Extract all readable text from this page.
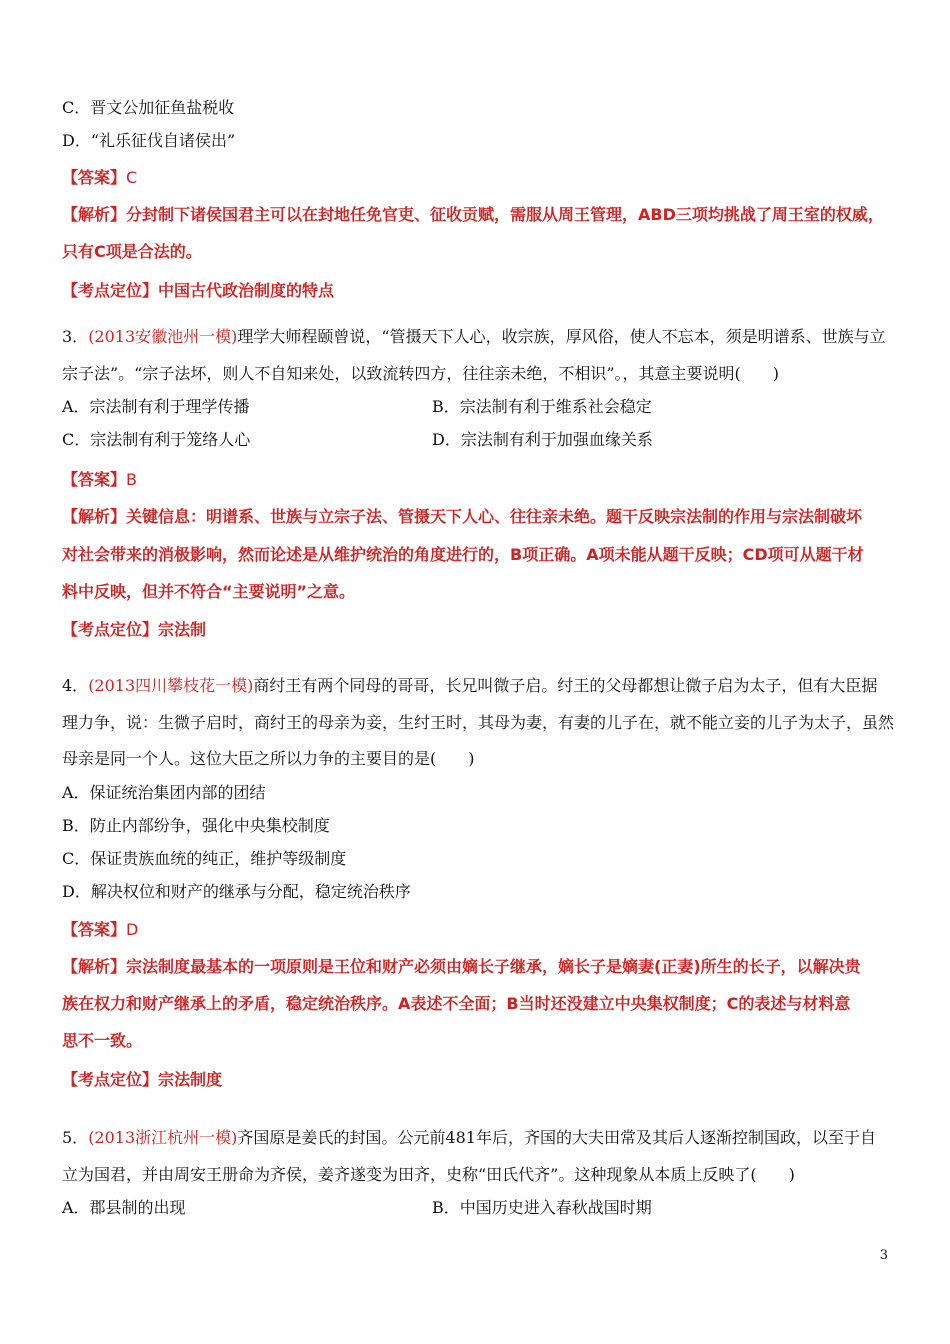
C．晋文公加征鱼盐税收
D．“礼乐征伐自诸侯出”
【答案】C
【解析】分封制下诸侯国君主可以在封地任免官吏、征收贡赋，需服从周王管理，ABD三项均挑战了周王室的权威，
只有C项是合法的。
【考点定位】中国古代政治制度的特点
3．(2013安徽池州一模)理学大师程颐曾说，“管摄天下人心，收宗族，厚风俗，使人不忘本，须是明谱系、世族与立
宗子法”。“宗子法坏，则人不自知来处，以致流转四方，往往亲未绝，不相识”。，其意主要说明(　　)
A．宗法制有利于理学传播	B．宗法制有利于维系社会稳定
C．宗法制有利于笼络人心	D．宗法制有利于加强血缘关系
【答案】B
【解析】关键信息：明谱系、世族与立宗子法、管摄天下人心、往往亲未绝。题干反映宗法制的作用与宗法制破坏
对社会带来的消极影响，然而论述是从维护统治的角度进行的，B项正确。A项未能从题干反映；CD项可从题干材
料中反映，但并不符合“主要说明”之意。
【考点定位】宗法制
4．(2013四川攀枝花一模)商纣王有两个同母的哥哥，长兄叫微子启。纣王的父母都想让微子启为太子，但有大臣据
理力争，说：生微子启时，商纣王的母亲为妾，生纣王时，其母为妻，有妻的儿子在，就不能立妾的儿子为太子，虽然
母亲是同一个人。这位大臣之所以力争的主要目的是(　　)
A．保证统治集团内部的团结
B．防止内部纷争，强化中央集校制度
C．保证贵族血统的纯正，维护等级制度
D．解决权位和财产的继承与分配，稳定统治秩序
【答案】D
【解析】宗法制度最基本的一项原则是王位和财产必须由嫡长子继承，嫡长子是嫡妻(正妻)所生的长子，以解决贵
族在权力和财产继承上的矛盾，稳定统治秩序。A表述不全面；B当时还没建立中央集权制度；C的表述与材料意
思不一致。
【考点定位】宗法制度
5．(2013浙江杭州一模)齐国原是姜氏的封国。公元前481年后，齐国的大夫田常及其后人逐渐控制国政，以至于自
立为国君，并由周安王册命为齐侯，姜齐遂变为田齐，史称“田氏代齐”。这种现象从本质上反映了(　　)
A．郡县制的出现	B．中国历史进入春秋战国时期
3
